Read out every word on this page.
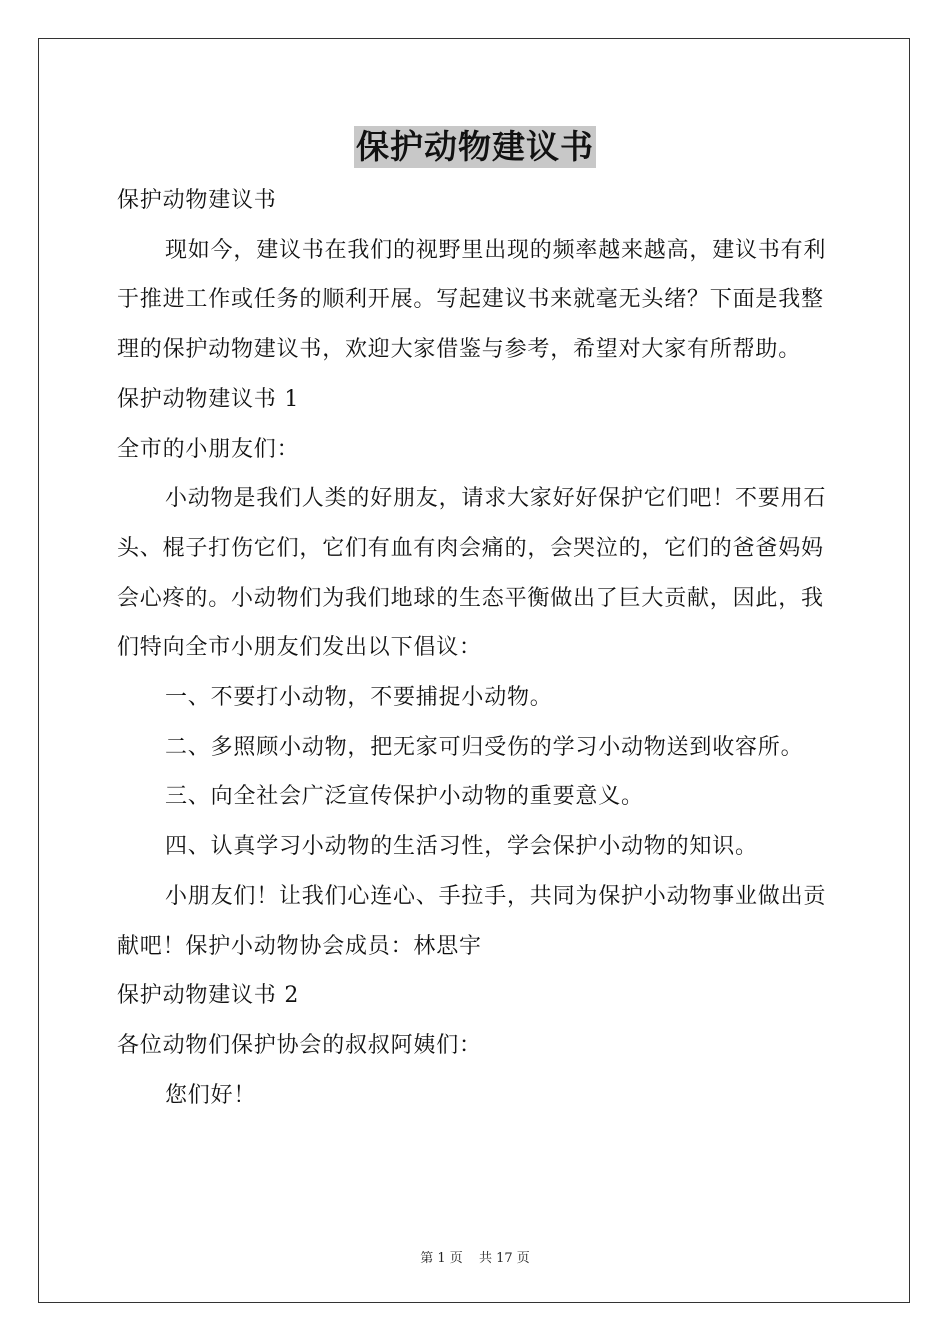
保护动物建议书

保护动物建议书

现如今，建议书在我们的视野里出现的频率越来越高，建议书有利于推进工作或任务的顺利开展。写起建议书来就毫无头绪？下面是我整理的保护动物建议书，欢迎大家借鉴与参考，希望对大家有所帮助。

保护动物建议书 1

全市的小朋友们：

小动物是我们人类的好朋友，请求大家好好保护它们吧！不要用石头、棍子打伤它们，它们有血有肉会痛的，会哭泣的，它们的爸爸妈妈会心疼的。小动物们为我们地球的生态平衡做出了巨大贡献，因此，我们特向全市小朋友们发出以下倡议：

一、不要打小动物，不要捕捉小动物。

二、多照顾小动物，把无家可归受伤的学习小动物送到收容所。

三、向全社会广泛宣传保护小动物的重要意义。

四、认真学习小动物的生活习性，学会保护小动物的知识。

小朋友们！让我们心连心、手拉手，共同为保护小动物事业做出贡献吧！保护小动物协会成员：林思宇

保护动物建议书 2

各位动物们保护协会的叔叔阿姨们：

您们好！

第 1 页 共 17 页
